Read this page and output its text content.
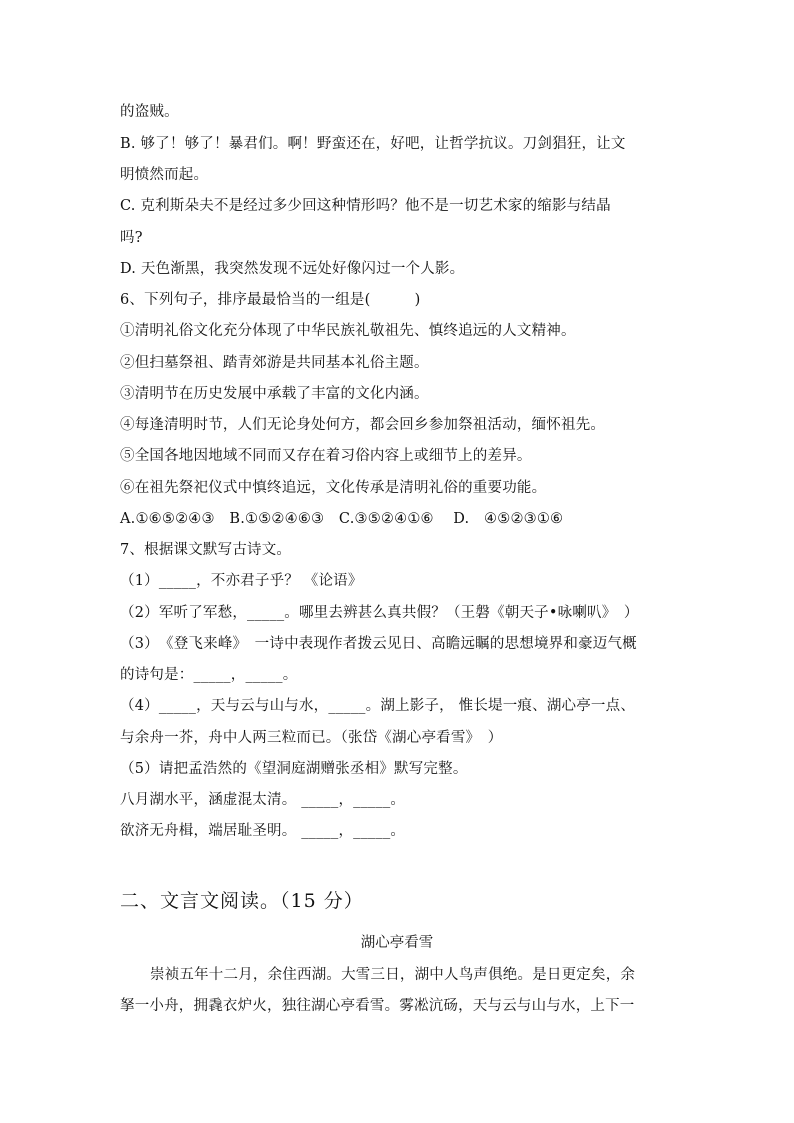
的盗贼。
B. 够了！够了！暴君们。啊！野蛮还在，好吧，让哲学抗议。刀剑猖狂，让文
明愤然而起。
C. 克利斯朵夫不是经过多少回这种情形吗？他不是一切艺术家的缩影与结晶
吗?
D. 天色渐黑，我突然发现不远处好像闪过一个人影。
6、下列句子，排序最最恰当的一组是(　　　)
①清明礼俗文化充分体现了中华民族礼敬祖先、慎终追远的人文精神。
②但扫墓祭祖、踏青郊游是共同基本礼俗主题。
③清明节在历史发展中承载了丰富的文化内涵。
④每逢清明时节，人们无论身处何方，都会回乡参加祭祖活动，缅怀祖先。
⑤全国各地因地域不同而又存在着习俗内容上或细节上的差异。
⑥在祖先祭祀仪式中慎终追远，文化传承是清明礼俗的重要功能。
A.①⑥⑤②④③　B.①⑤②④⑥③　C.③⑤②④①⑥　 D.　④⑤②③①⑥
7、根据课文默写古诗文。
（1）_____，不亦君子乎？ 《论语》
（2）军听了军愁，_____。哪里去辨甚么真共假？（王磐《朝天子•咏喇叭》　）
（3）　《登飞来峰》　一诗中表现作者拨云见日、高瞻远瞩的思想境界和豪迈气概
的诗句是：_____，_____。
（4）_____，天与云与山与水，_____。湖上影子， 惟长堤一痕、湖心亭一点、
与余舟一芥，舟中人两三粒而已。（张岱《湖心亭看雪》　）
（5）请把孟浩然的《望洞庭湖赠张丞相》默写完整。
八月湖水平，涵虚混太清。 _____，_____。
欲济无舟楫，端居耻圣明。 _____，_____。
二、文言文阅读。（15 分）
湖心亭看雪
崇祯五年十二月，余住西湖。大雪三日，湖中人鸟声俱绝。是日更定矣，余
拏一小舟，拥毳衣炉火，独往湖心亭看雪。雾凇沆砀，天与云与山与水，上下一
